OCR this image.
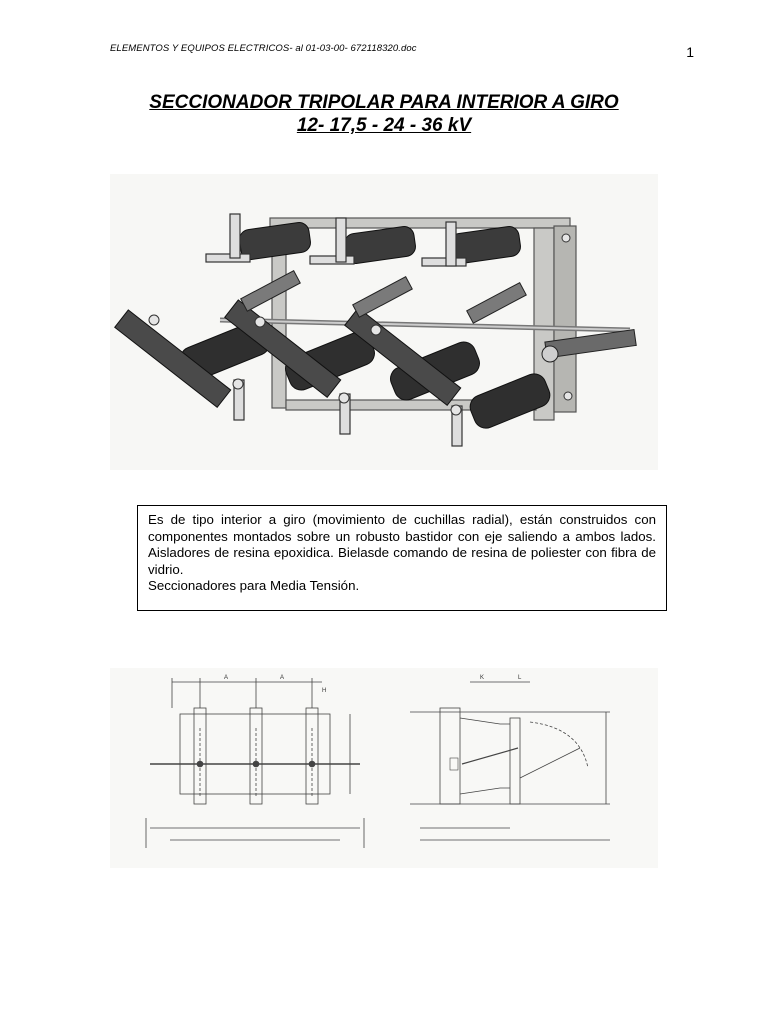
ELEMENTOS Y EQUIPOS ELECTRICOS- al 01-03-00- 672118320.doc	1
SECCIONADOR TRIPOLAR PARA INTERIOR A GIRO
12- 17,5 - 24 - 36 kV

Es de tipo interior a giro (movimiento de cuchillas radial), están construidos con componentes montados sobre un robusto bastidor con eje saliendo a ambos lados. Aisladores de resina epoxidica. Bielasde comando de resina de poliester con fibra de vidrio.

Seccionadores para Media Tensión.

A	A
H
K	L
